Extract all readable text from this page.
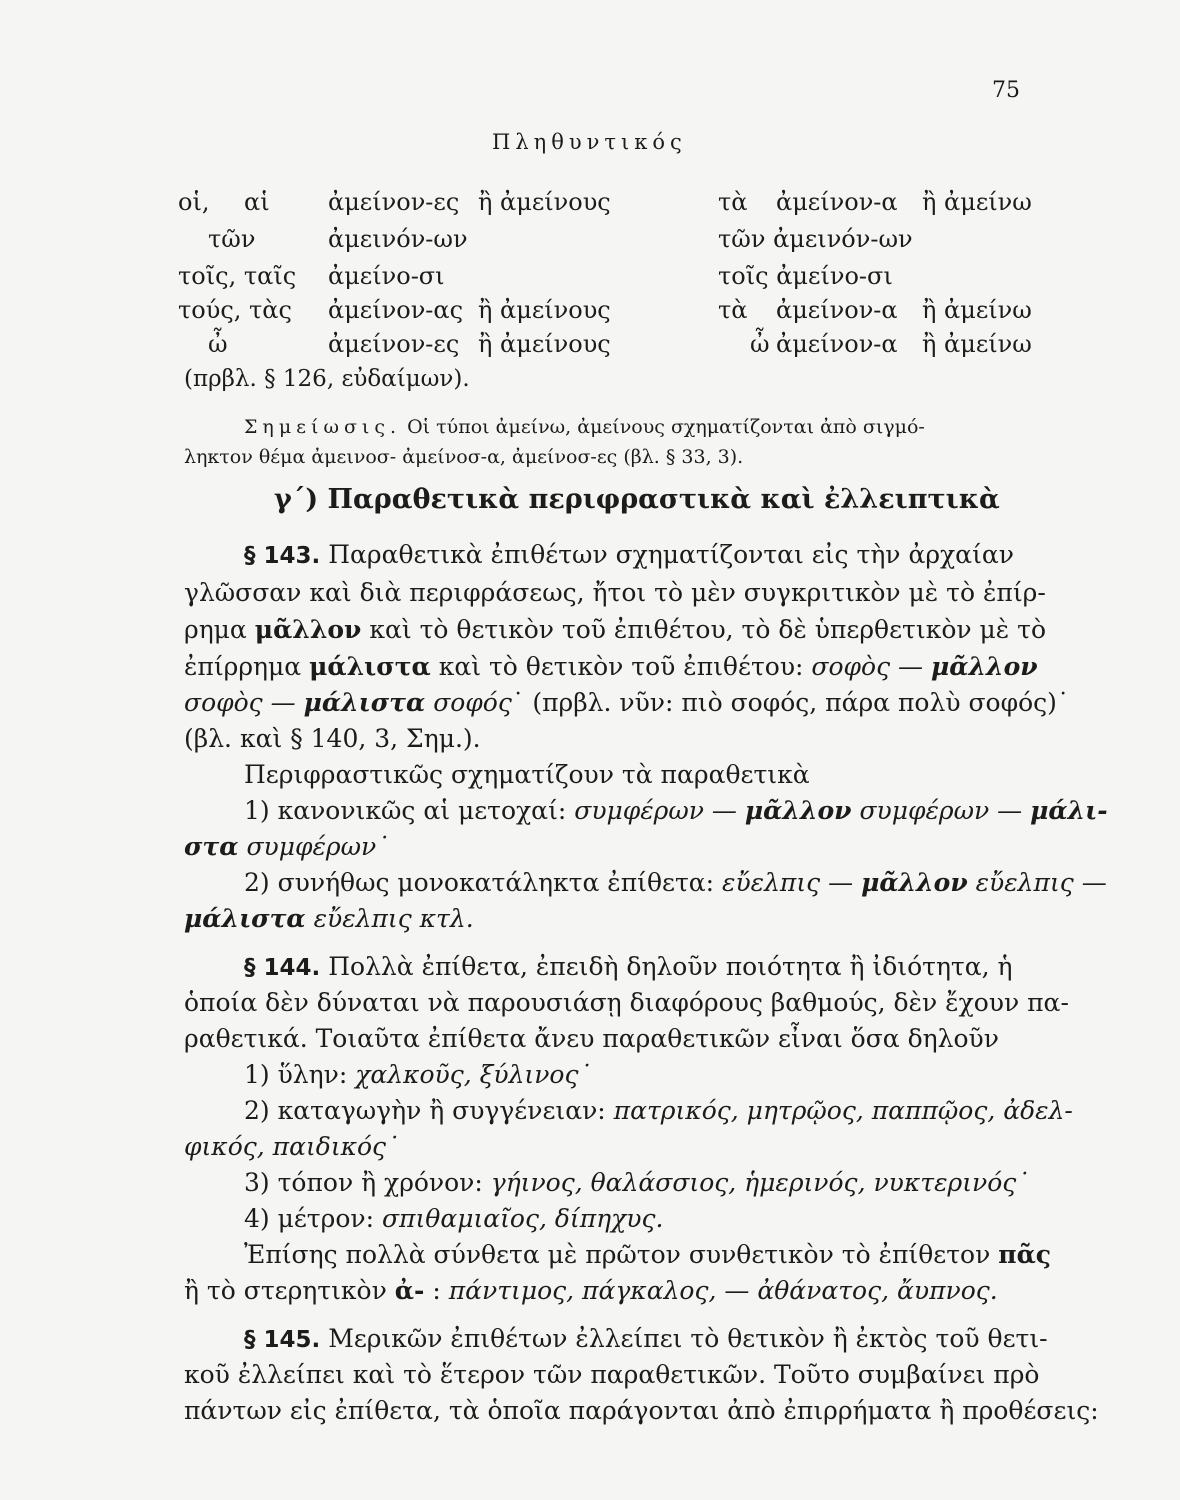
75
Πληθυντικός
οἱ, αἱ ἀμείνον-ες ἢ ἀμείνους
τῶν	ἀμεινόν-ων
τοῖς, ταῖς ἀμείνο-σι
τούς, τὰς ἀμείνον-ας ἢ ἀμείνους
ὦ	ἀμείνον-ες ἢ ἀμείνους
τὰ ἀμείνον-α ἢ ἀμείνω
τῶν ἀμεινόν-ων
τοῖς ἀμείνο-σι
τὰ ἀμείνον-α ἢ ἀμείνω
ὦ ἀμείνον-α ἢ ἀμείνω
(πρβλ. § 126, εὐδαίμων).
Σημείωσις. Οἱ τύποι ἀμείνω, ἀμείνους σχηματίζονται ἀπὸ σιγμό-
ληκτον θέμα ἀμεινοσ- ἀμείνοσ-α, ἀμείνοσ-ες (βλ. § 33, 3).
γ´) Παραθετικὰ περιφραστικὰ καὶ ἐλλειπτικὰ
§ 143. Παραθετικὰ ἐπιθέτων σχηματίζονται εἰς τὴν ἀρχαίαν
γλῶσσαν καὶ διὰ περιφράσεως, ἤτοι τὸ μὲν συγκριτικὸν μὲ τὸ ἐπίρ-
ρημα μᾶλλον καὶ τὸ θετικὸν τοῦ ἐπιθέτου, τὸ δὲ ὑπερθετικὸν μὲ τὸ
ἐπίρρημα μάλιστα καὶ τὸ θετικὸν τοῦ ἐπιθέτου: σοφὸς — μᾶλλον
σοφὸς — μάλιστα σοφός˙ (πρβλ. νῦν: πιὸ σοφός, πάρα πολὺ σοφός)˙
(βλ. καὶ § 140, 3, Σημ.).
Περιφραστικῶς σχηματίζουν τὰ παραθετικὰ
1) κανονικῶς αἱ μετοχαί: συμφέρων — μᾶλλον συμφέρων — μάλι-
στα συμφέρων˙
2) συνήθως μονοκατάληκτα ἐπίθετα: εὔελπις — μᾶλλον εὔελπις —
μάλιστα εὔελπις κτλ.
§ 144. Πολλὰ ἐπίθετα, ἐπειδὴ δηλοῦν ποιότητα ἢ ἰδιότητα, ἡ
ὁποία δὲν δύναται νὰ παρουσιάσῃ διαφόρους βαθμούς, δὲν ἔχουν πα-
ραθετικά. Τοιαῦτα ἐπίθετα ἄνευ παραθετικῶν εἶναι ὅσα δηλοῦν
1) ὕλην: χαλκοῦς, ξύλινος˙
2) καταγωγὴν ἢ συγγένειαν: πατρικός, μητρῷος, παππῷος, ἀδελ-
φικός, παιδικός˙
3) τόπον ἢ χρόνον: γήινος, θαλάσσιος, ἡμερινός, νυκτερινός˙
4) μέτρον: σπιθαμιαῖος, δίπηχυς.
Ἐπίσης πολλὰ σύνθετα μὲ πρῶτον συνθετικὸν τὸ ἐπίθετον πᾶς
ἢ τὸ στερητικὸν ἀ- : πάντιμος, πάγκαλος, — ἀθάνατος, ἄυπνος.
§ 145. Μερικῶν ἐπιθέτων ἐλλείπει τὸ θετικὸν ἢ ἐκτὸς τοῦ θετι-
κοῦ ἐλλείπει καὶ τὸ ἕτερον τῶν παραθετικῶν. Τοῦτο συμβαίνει πρὸ
πάντων εἰς ἐπίθετα, τὰ ὁποῖα παράγονται ἀπὸ ἐπιρρήματα ἢ προθέσεις:
